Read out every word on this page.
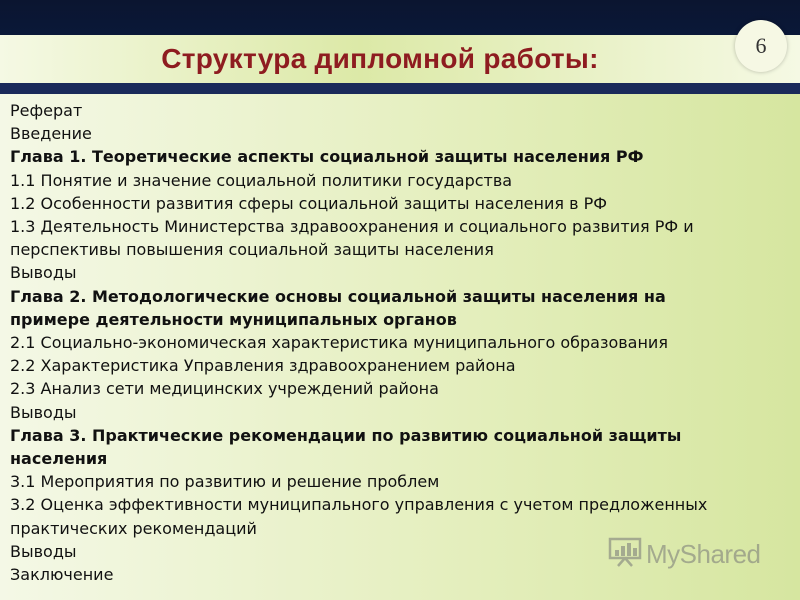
Структура дипломной работы:	6
Реферат
Введение
Глава 1. Теоретические аспекты социальной защиты населения РФ
1.1 Понятие и значение социальной политики государства
1.2 Особенности развития сферы социальной защиты населения в РФ
1.3 Деятельность Министерства здравоохранения и социального развития РФ и
перспективы повышения социальной защиты населения
Выводы
Глава 2. Методологические основы социальной защиты населения на
примере деятельности муниципальных органов
2.1 Социально-экономическая характеристика муниципального образования
2.2 Характеристика Управления здравоохранением района
2.3 Анализ сети медицинских учреждений района
Выводы
Глава 3. Практические рекомендации по развитию социальной защиты
населения
3.1 Мероприятия по развитию и решение проблем
3.2 Оценка эффективности муниципального управления с учетом предложенных
практических рекомендаций
Выводы
Заключение
MyShared
